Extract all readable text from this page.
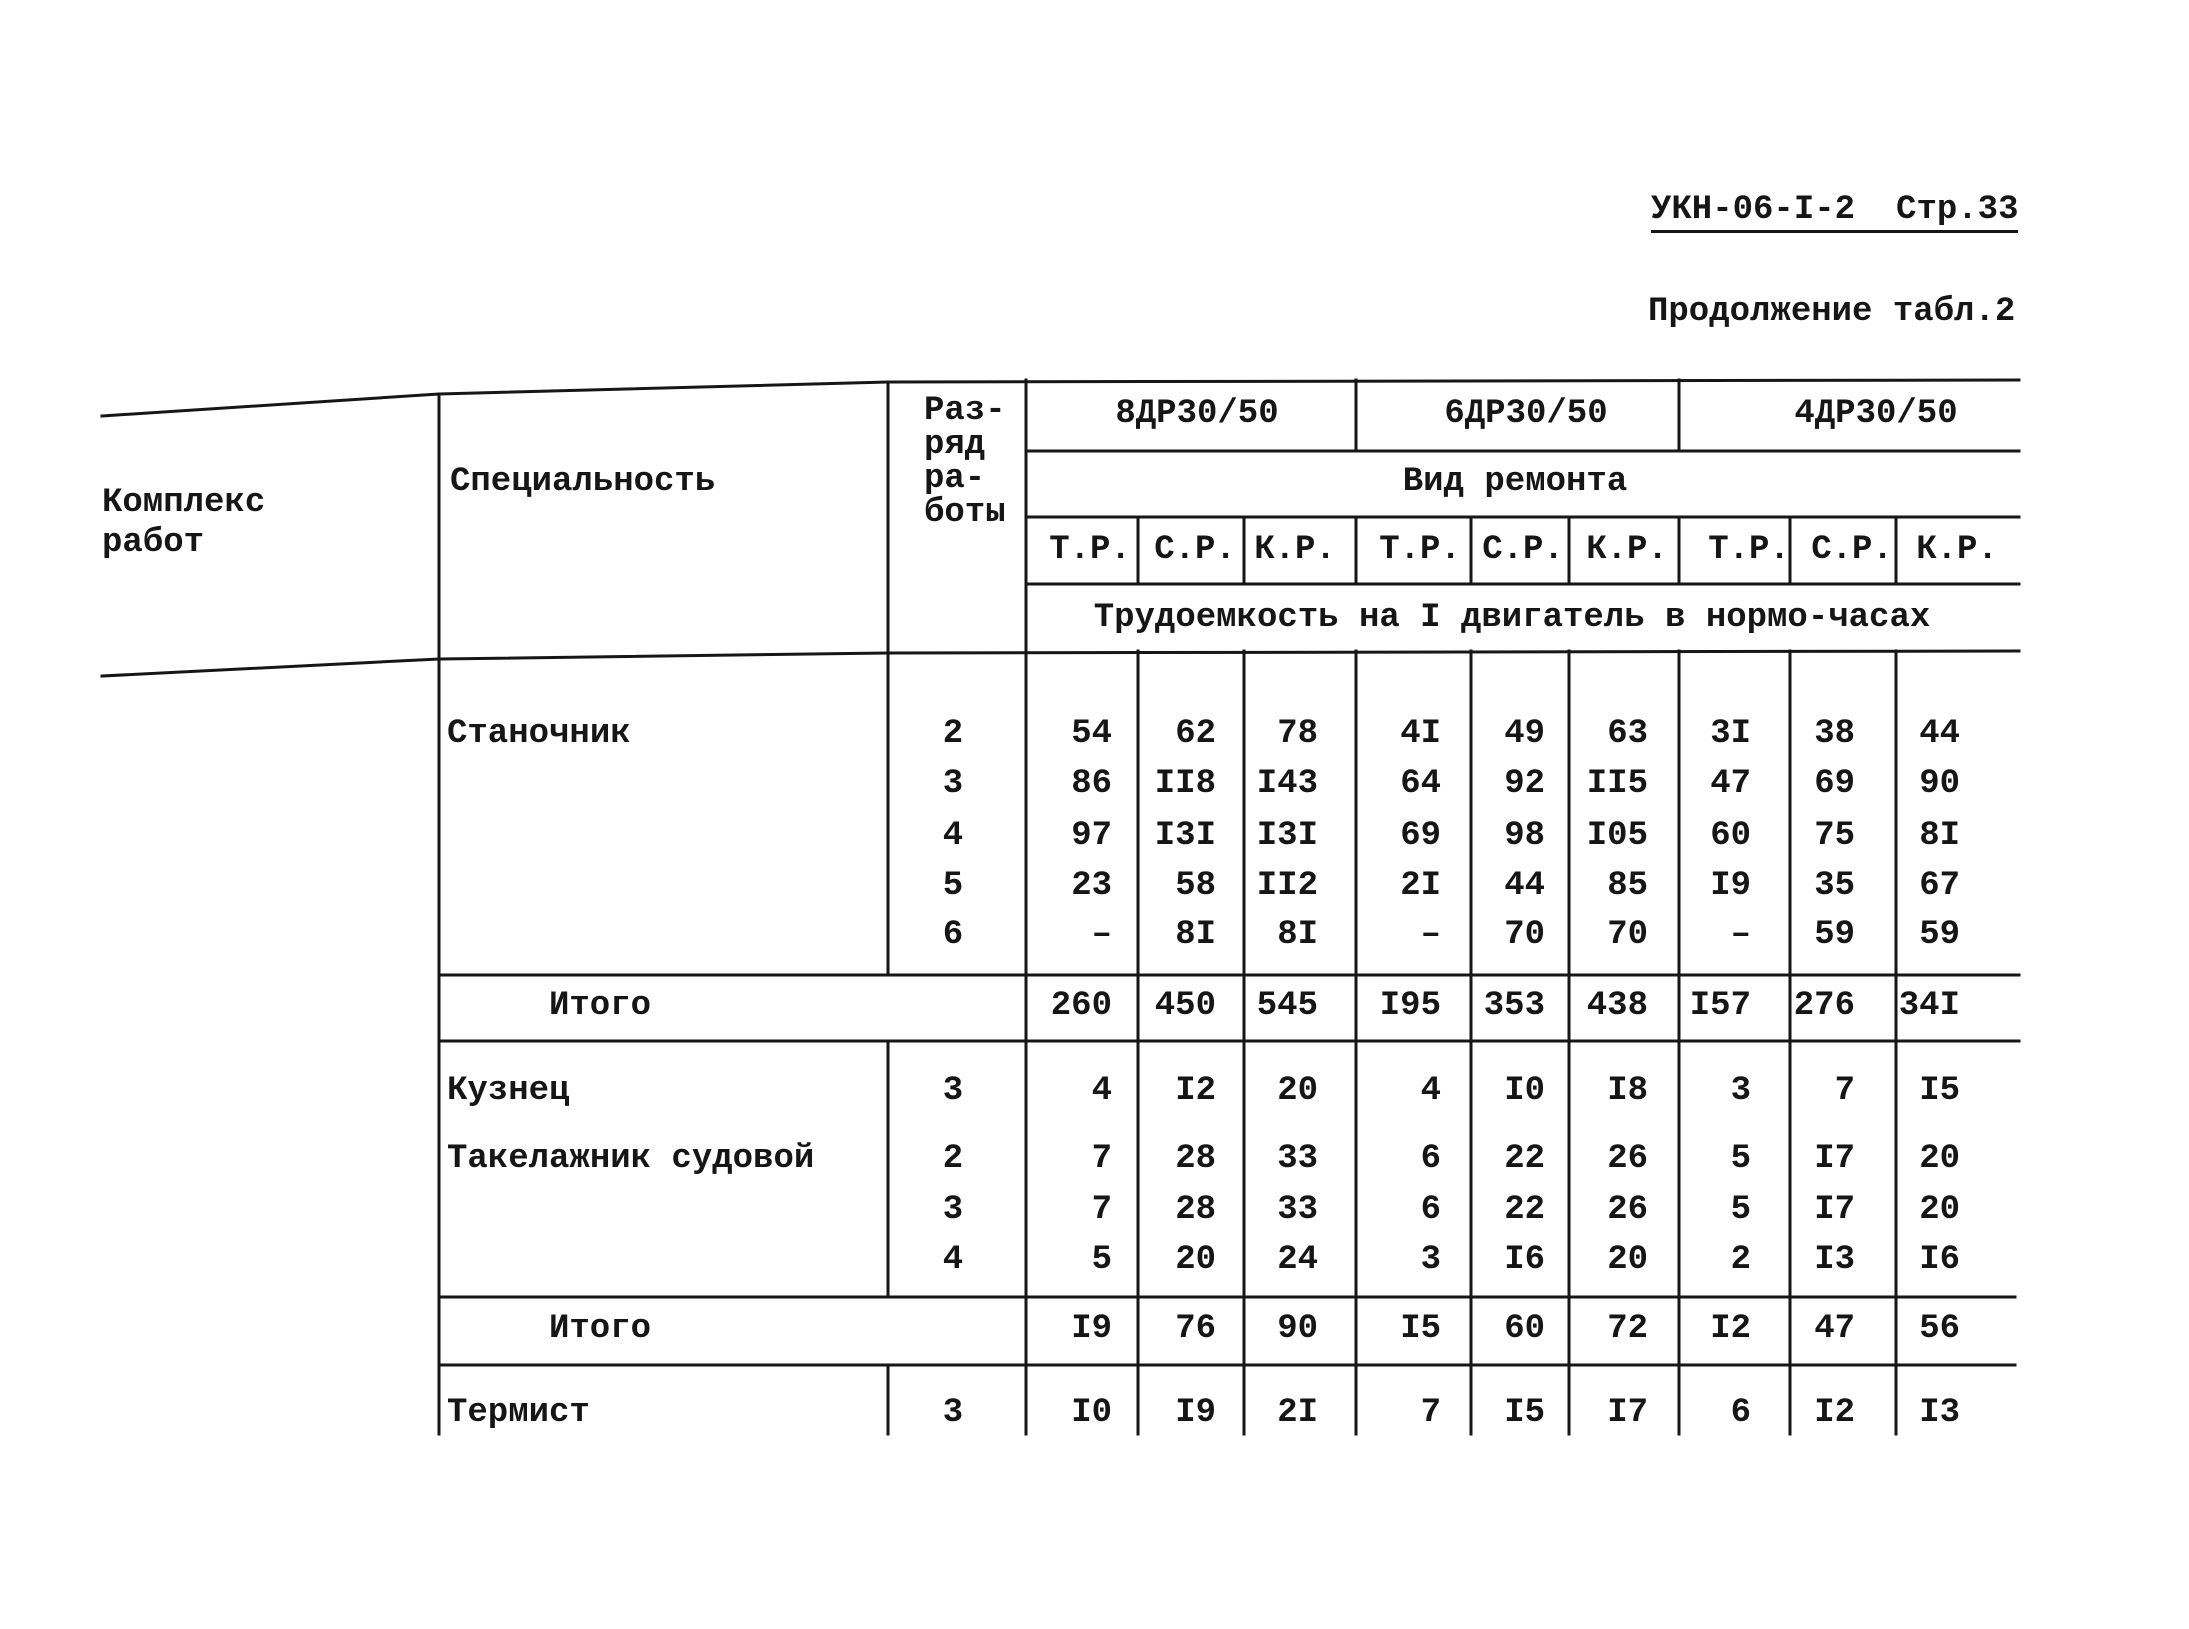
УКН-06-I-2 Стр.33
Продолжение табл.2
Комплекс
работ
Специальность
Раз-
ряд
ра-
боты
8ДР30/50	6ДР30/50	4ДР30/50
Вид ремонта
Т.Р. С.Р. К.Р.	Т.Р. С.Р. К.Р.	Т.Р. С.Р. К.Р.
Трудоемкость на I двигатель в нормо-часах
Станочник	2	54	62	78	4I	49	63	3I	38	44
3	86	II8	I43	64	92	II5	47	69	90
4	97	I3I	I3I	69	98	I05	60	75	8I
5	23	58	II2	2I	44	85	I9	35	67
6	–	8I	8I	–	70	70	–	59	59
Итого	260	450	545	I95	353	438	I57	276	34I
Кузнец	3	4	I2	20	4	I0	I8	3	7	I5
Такелажник судовой	2	7	28	33	6	22	26	5	I7	20
3	7	28	33	6	22	26	5	I7	20
4	5	20	24	3	I6	20	2	I3	I6
Итого	I9	76	90	I5	60	72	I2	47	56
Термист	3	I0	I9	2I	7	I5	I7	6	I2	I3
